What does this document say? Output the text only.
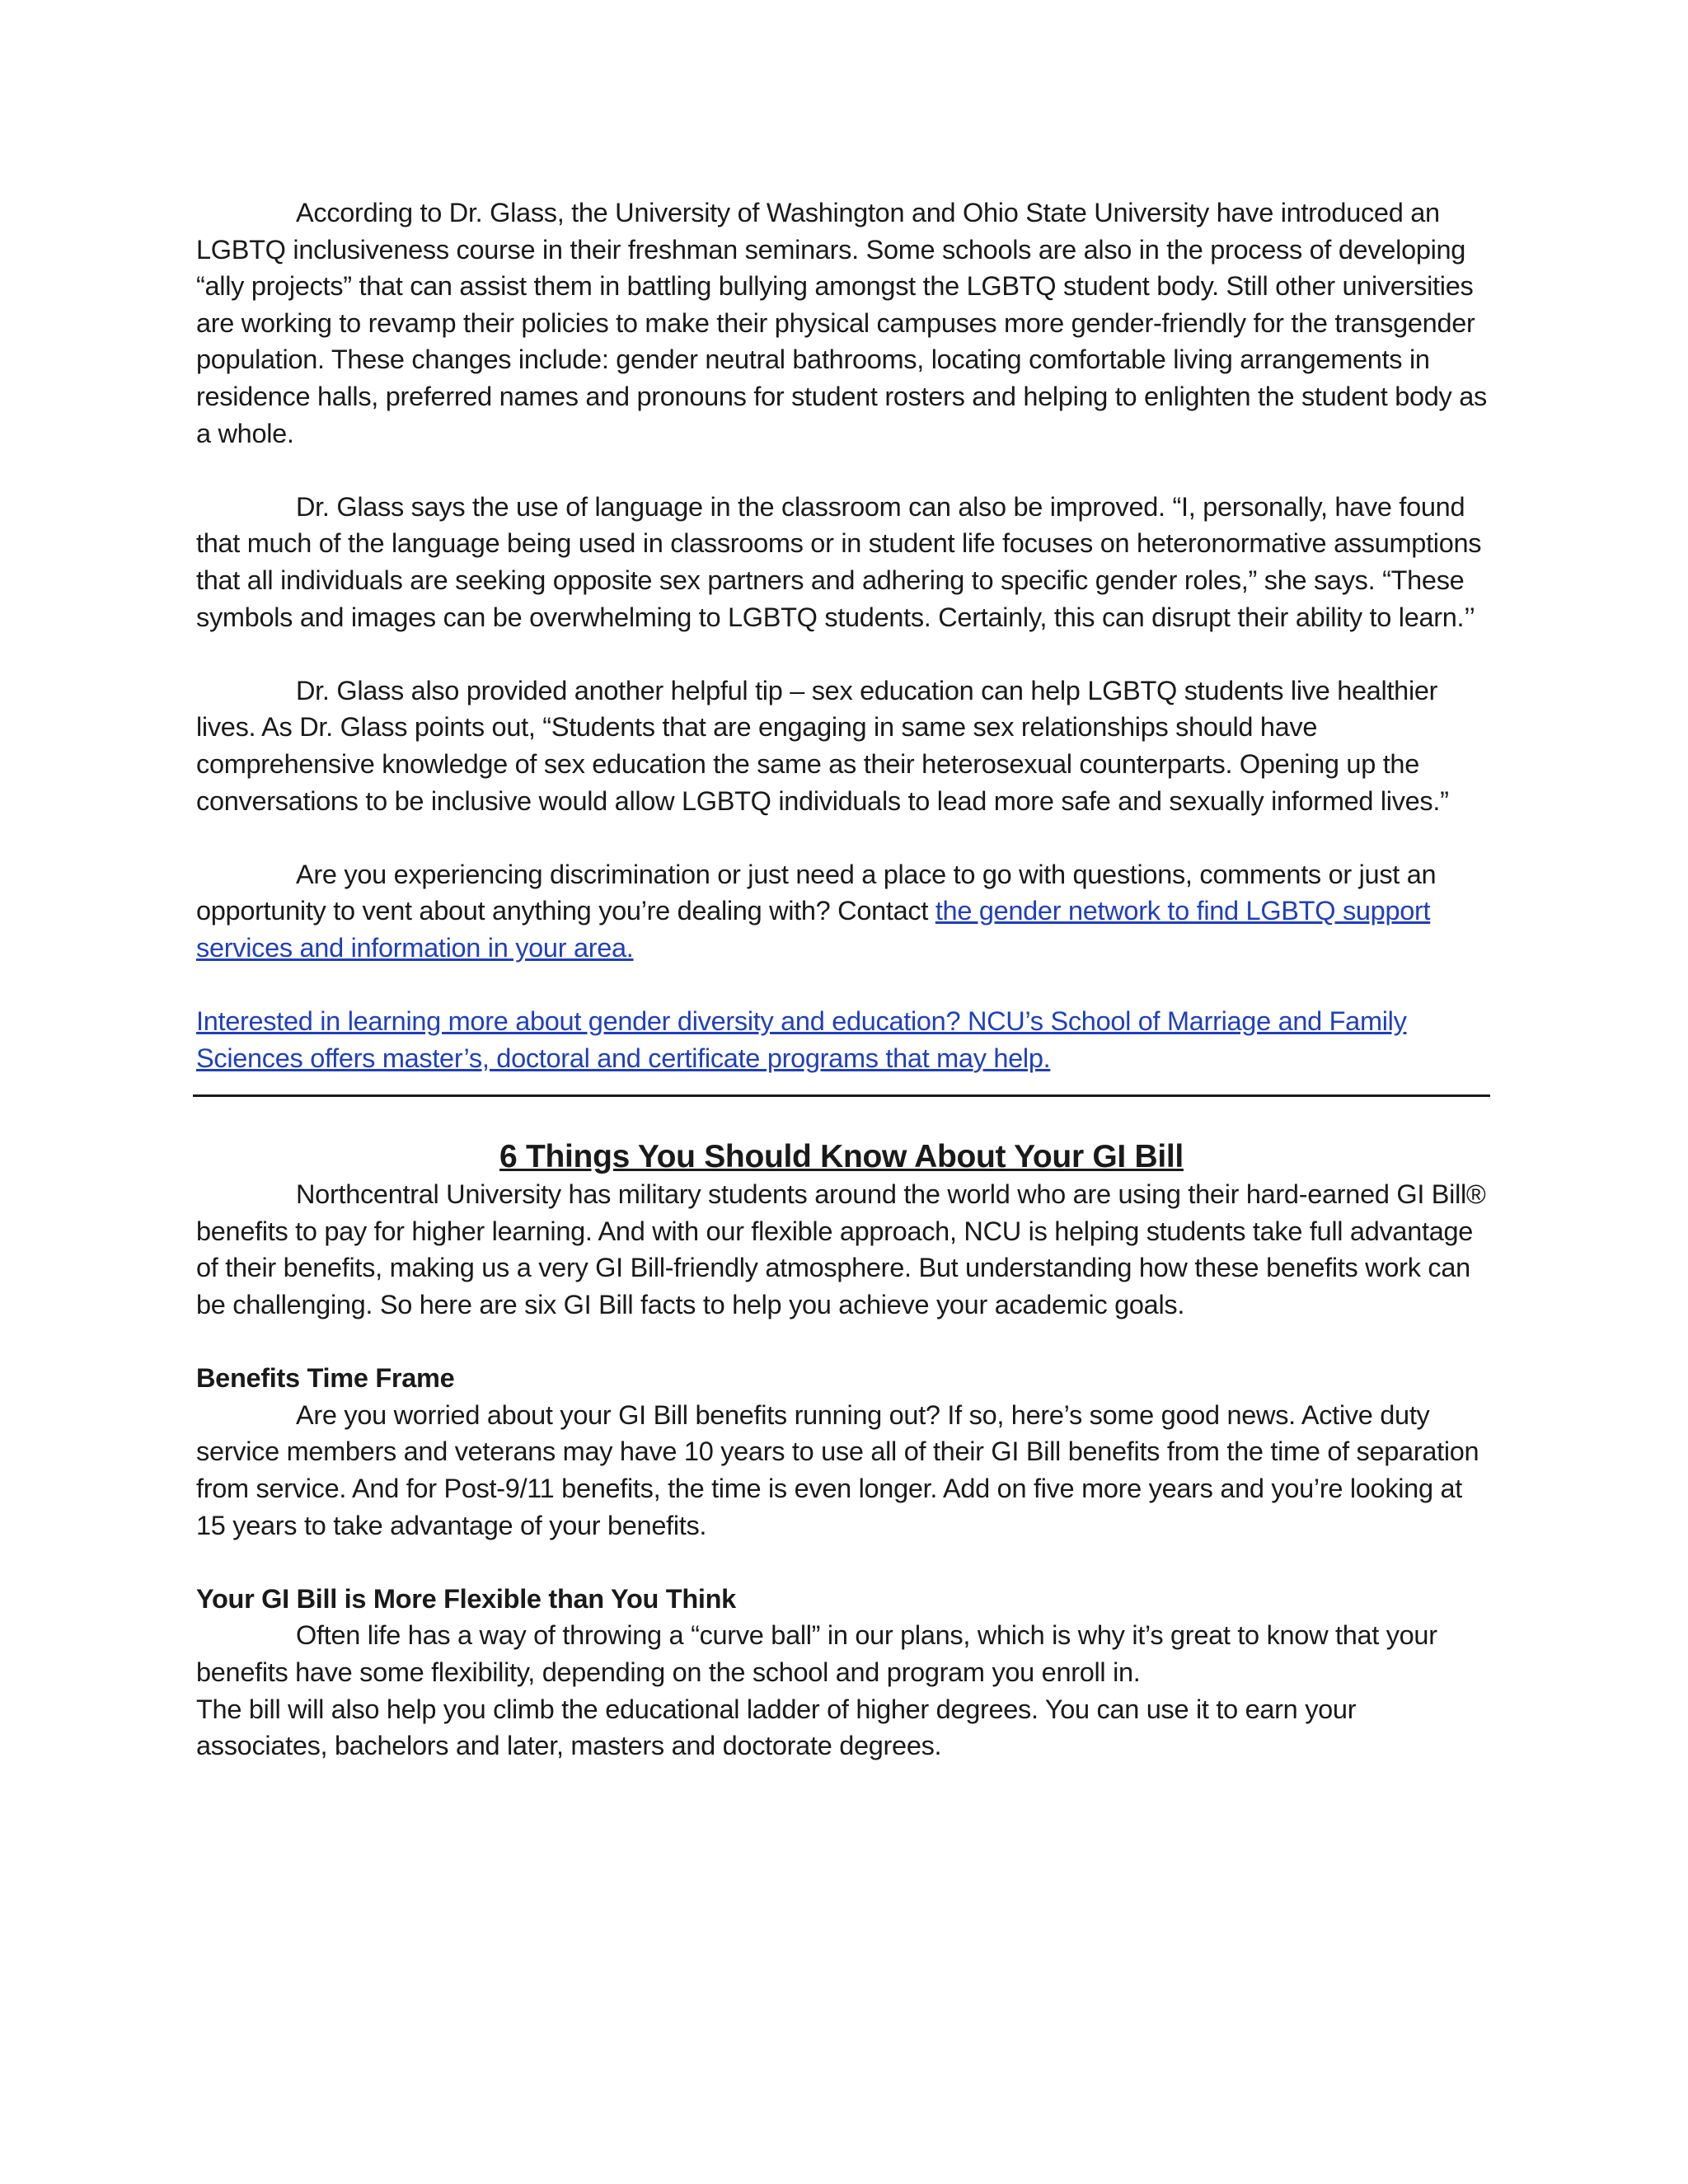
According to Dr. Glass, the University of Washington and Ohio State University have introduced an LGBTQ inclusiveness course in their freshman seminars. Some schools are also in the process of developing “ally projects” that can assist them in battling bullying amongst the LGBTQ student body. Still other universities are working to revamp their policies to make their physical campuses more gender-friendly for the transgender population. These changes include: gender neutral bathrooms, locating comfortable living arrangements in residence halls, preferred names and pronouns for student rosters and helping to enlighten the student body as a whole.

Dr. Glass says the use of language in the classroom can also be improved. “I, personally, have found that much of the language being used in classrooms or in student life focuses on heteronormative assumptions that all individuals are seeking opposite sex partners and adhering to specific gender roles,” she says. “These symbols and images can be overwhelming to LGBTQ students. Certainly, this can disrupt their ability to learn.’’

Dr. Glass also provided another helpful tip – sex education can help LGBTQ students live healthier lives. As Dr. Glass points out, “Students that are engaging in same sex relationships should have comprehensive knowledge of sex education the same as their heterosexual counterparts. Opening up the conversations to be inclusive would allow LGBTQ individuals to lead more safe and sexually informed lives.”

Are you experiencing discrimination or just need a place to go with questions, comments or just an opportunity to vent about anything you’re dealing with? Contact the gender network to find LGBTQ support services and information in your area.

Interested in learning more about gender diversity and education? NCU’s School of Marriage and Family Sciences offers master’s, doctoral and certificate programs that may help.

6 Things You Should Know About Your GI Bill

Northcentral University has military students around the world who are using their hard-earned GI Bill® benefits to pay for higher learning. And with our flexible approach, NCU is helping students take full advantage of their benefits, making us a very GI Bill-friendly atmosphere. But understanding how these benefits work can be challenging. So here are six GI Bill facts to help you achieve your academic goals.

Benefits Time Frame

Are you worried about your GI Bill benefits running out? If so, here’s some good news. Active duty service members and veterans may have 10 years to use all of their GI Bill benefits from the time of separation from service. And for Post-9/11 benefits, the time is even longer. Add on five more years and you’re looking at 15 years to take advantage of your benefits.

Your GI Bill is More Flexible than You Think

Often life has a way of throwing a “curve ball” in our plans, which is why it’s great to know that your benefits have some flexibility, depending on the school and program you enroll in.

The bill will also help you climb the educational ladder of higher degrees. You can use it to earn your associates, bachelors and later, masters and doctorate degrees.
